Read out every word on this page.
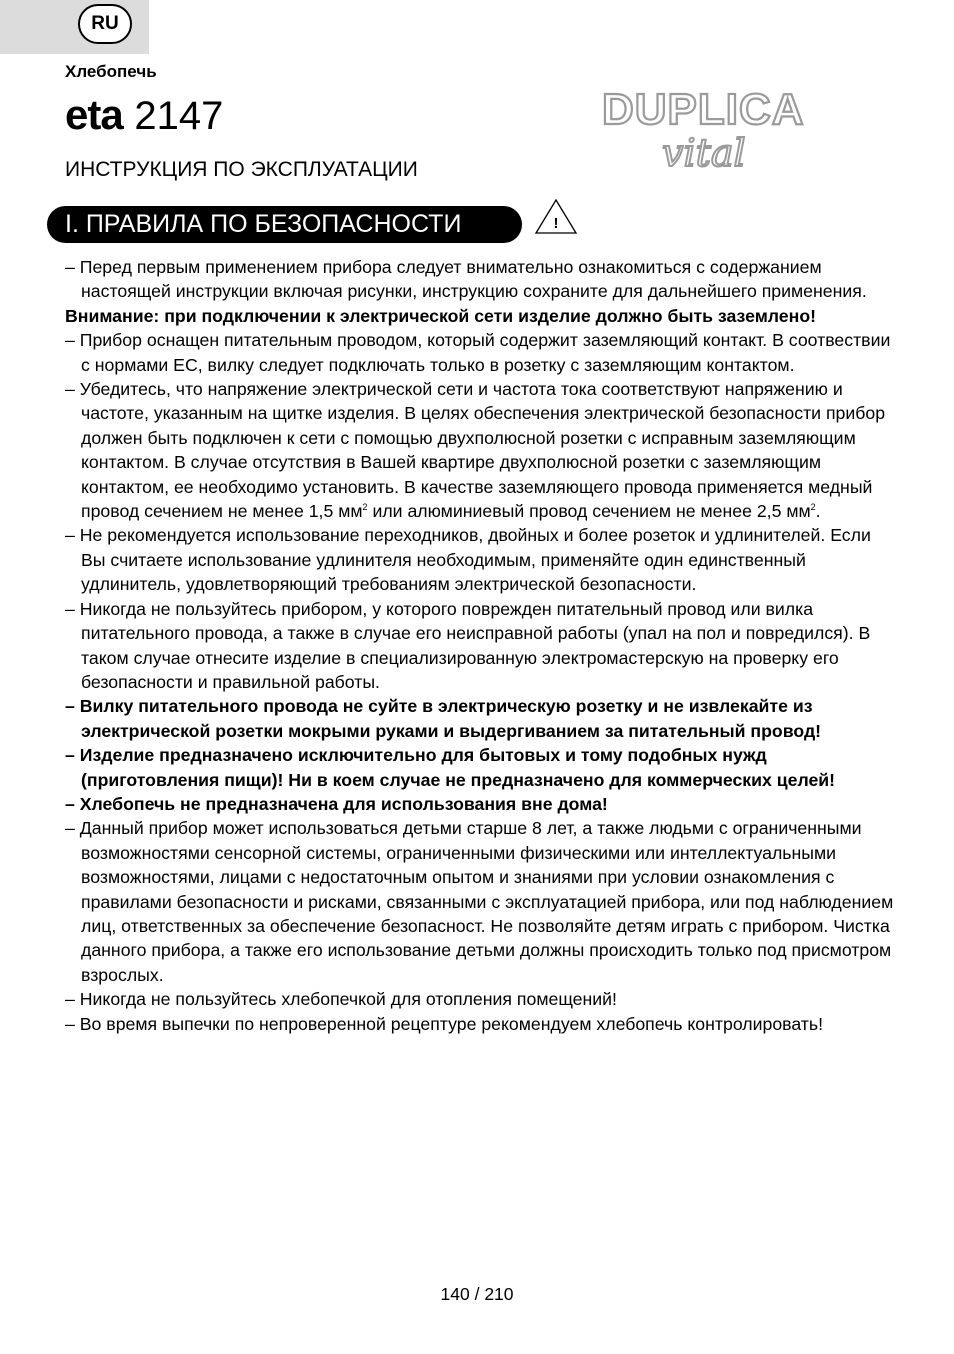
RU
Хлебопечь
eta 2147
ИНСТРУКЦИЯ ПО ЭКСПЛУАТАЦИИ
DUPLICA
vital
I. ПРАВИЛА ПО БЕЗОПАСНОСТИ	!
– Перед первым применением прибора следует внимательно ознакомиться с содержанием настоящей инструкции включая рисунки, инструкцию сохраните для дальнейшего применения.
Внимание: при подключении к электрической сети изделие должно быть заземлено!
– Прибор оснащен питательным проводом, который содержит заземляющий контакт. В соотвествии с нормами ЕС, вилку следует подключать только в розетку с заземляющим контактом.
– Убедитесь, что напряжение электрической сети и частота тока соответствуют напряжению и частоте, указанным на щитке изделия. В целях обеспечения электрической безопасности прибор должен быть подключен к сети с помощью двухполюсной розетки с исправным заземляющим контактом. В случае отсутствия в Вашей квартире двухполюсной розетки с заземляющим контактом, ее необходимо установить. В качестве заземляющего провода применяется медный провод сечением не менее 1,5 $мм^2$ или алюминиевый провод сечением не менее 2,5 $мм^2$.
– Не рекомендуется использование переходников, двойных и более розеток и удлинителей. Если Вы считаете использование удлинителя необходимым, применяйте один единственный удлинитель, удовлетворяющий требованиям электрической безопасности.
– Никогда не пользуйтесь прибором, у которого поврежден питательный провод или вилка питательного провода, а также в случае его неисправной работы (упал на пол и повредился). В таком случае отнесите изделие в специализированную электромастерскую на проверку его безопасности и правильной работы.
– Вилку питательного провода не суйте в электрическую розетку и не извлекайте из электрической розетки мокрыми руками и выдергиванием за питательный провод!
– Изделие предназначено исключительно для бытовых и тому подобных нужд (приготовления пищи)! Ни в коем случае не предназначено для коммерческих целей!
– Хлебопечь не предназначена для использования вне дома!
– Данный прибор может использоваться детьми старше 8 лет, а также людьми с ограниченными возможностями сенсорной системы, ограниченными физическими или интеллектуальными возможностями, лицами с недостаточным опытом и знаниями при условии ознакомления с правилами безопасности и рисками, связанными с эксплуатацией прибора, или под наблюдением лиц, ответственных за обеспечение безопасност. Не позволяйте детям играть с прибором. Чистка данного прибора, а также его использование детьми должны происходить только под присмотром взрослых.
– Никогда не пользуйтесь хлебопечкой для отопления помещений!
– Во время выпечки по непроверенной рецептуре рекомендуем хлебопечь контролировать!
140 / 210
